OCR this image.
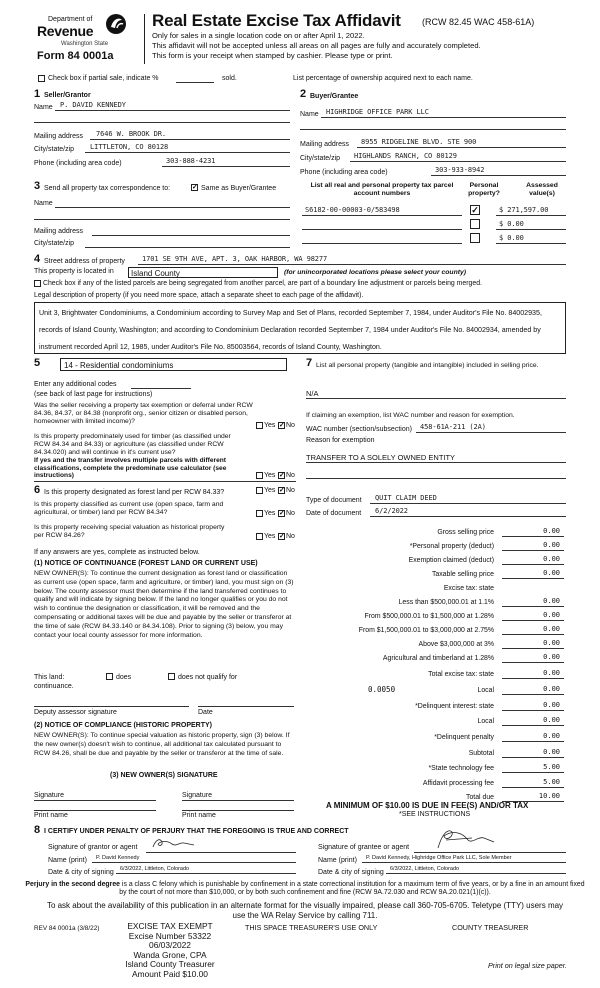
Department of
Revenue
Washington State
Form 84 0001a
Real Estate Excise Tax Affidavit (RCW 82.45 WAC 458-61A)
Only for sales in a single location code on or after April 1, 2022.
This affidavit will not be accepted unless all areas on all pages are fully and accurately completed.
This form is your receipt when stamped by cashier. Please type or print.
Check box if partial sale, indicate %	sold.	List percentage of ownership acquired next to each name.
1 Seller/Grantor
Name P. DAVID KENNEDY
Mailing address 7646 W. BROOK DR.
City/state/zip LITTLETON, CO 80128
Phone (including area code)	303-888-4231
2 Buyer/Grantee
Name HIGHRIDGE OFFICE PARK LLC
Mailing address 8955 RIDGELINE BLVD. STE 900
City/state/zip HIGHLANDS RANCH, CO 80129
Phone (including area code)	303-933-8942
3 Send all property tax correspondence to:	✓ Same as Buyer/Grantee
Name
Mailing address
City/state/zip
List all real and personal property tax parcel account numbers
Personal property?
Assessed value(s)
S6182-00-00003-0/583498	✓	$ 271,597.00
$ 0.00
$ 0.00
4 Street address of property 1701 SE 9TH AVE, APT. 3, OAK HARBOR, WA 98277
This property is located in	Island County	(for unincorporated locations please select your county)
Check box if any of the listed parcels are being segregated from another parcel, are part of a boundary line adjustment or parcels being merged.
Legal description of property (if you need more space, attach a separate sheet to each page of the affidavit).
Unit 3, Brightwater Condominiums, a Condominium according to Survey Map and Set of Plans, recorded September 7, 1984, under Auditor's File No. 84002935, records of Island County, Washington; and according to Condominium Declaration recorded September 7, 1984 under Auditor's File No. 84002934, amended by instrument recorded April 12, 1985, under Auditor's File No. 85003564, records of Island County, Washington.
5	14 - Residential condominiums
Enter any additional codes
(see back of last page for instructions)
Was the seller receiving a property tax exemption or deferral under RCW 84.36, 84.37, or 84.38 (nonprofit org., senior citizen or disabled person, homeowner with limited income)?
Yes ✓ No
Is this property predominately used for timber (as classified under RCW 84.34 and 84.33) or agriculture (as classified under RCW 84.34.020) and will continue in it's current use?
If yes and the transfer involves multiple parcels with different classifications, complete the predominate use calculator (see instructions)	Yes ✓ No
6 Is this property designated as forest land per RCW 84.33?	Yes ✓ No
Is this property classified as current use (open space, farm and agricultural, or timber) land per RCW 84.34?	Yes ✓ No
Is this property receiving special valuation as historical property per RCW 84.26?	Yes ✓ No
If any answers are yes, complete as instructed below.
(1) NOTICE OF CONTINUANCE (FOREST LAND OR CURRENT USE)
NEW OWNER(S): To continue the current designation as forest land or classification as current use (open space, farm and agriculture, or timber) land, you must sign on (3) below. The county assessor must then determine if the land transferred continues to qualify and will indicate by signing below. If the land no longer qualifies or you do not wish to continue the designation or classification, it will be removed and the compensating or additional taxes will be due and payable by the seller or transferor at the time of sale (RCW 84.33.140 or 84.34.108). Prior to signing (3) below, you may contact your local county assessor for more information.
This land:	does	does not qualify for
continuance.
Deputy assessor signature	Date
(2) NOTICE OF COMPLIANCE (HISTORIC PROPERTY)
NEW OWNER(S): To continue special valuation as historic property, sign (3) below. If the new owner(s) doesn't wish to continue, all additional tax calculated pursuant to RCW 84.26, shall be due and payable by the seller or transferor at the time of sale.
(3) NEW OWNER(S) SIGNATURE
Signature	Signature
Print name	Print name
7 List all personal property (tangible and intangible) included in selling price.
N/A
If claiming an exemption, list WAC number and reason for exemption.
WAC number (section/subsection) 458-61A-211 (2A)
Reason for exemption
TRANSFER TO A SOLELY OWNED ENTITY
Type of document QUIT CLAIM DEED
Date of document 6/2/2022
Gross selling price	0.00
*Personal property (deduct)	0.00
Exemption claimed (deduct)	0.00
Taxable selling price	0.00
Excise tax: state
Less than $500,000.01 at 1.1%	0.00
From $500,000.01 to $1,500,000 at 1.28%	0.00
From $1,500,000.01 to $3,000,000 at 2.75%	0.00
Above $3,000,000 at 3%	0.00
Agricultural and timberland at 1.28%	0.00
Total excise tax: state	0.00
0.0050	Local	0.00
*Delinquent interest: state	0.00
Local	0.00
*Delinquent penalty	0.00
Subtotal	0.00
*State technology fee	5.00
Affidavit processing fee	5.00
Total due	10.00
A MINIMUM OF $10.00 IS DUE IN FEE(S) AND/OR TAX
*SEE INSTRUCTIONS
8 I CERTIFY UNDER PENALTY OF PERJURY THAT THE FOREGOING IS TRUE AND CORRECT
Signature of grantor or agent
Name (print) P. David Kennedy
Date & city of signing 6/3/2022, Littleton, Colorado
Signature of grantee or agent
Name (print) P. David Kennedy, Highridge Office Park LLC, Sole Member
Date & city of signing 6/3/2022, Littleton, Colorado
Perjury in the second degree is a class C felony which is punishable by confinement in a state correctional institution for a maximum term of five years, or by a fine in an amount fixed by the court of not more than $10,000, or by both such confinement and fine (RCW 9A.72.030 and RCW 9A.20.021(1)(c)).
To ask about the availability of this publication in an alternate format for the visually impaired, please call 360-705-6705. Teletype (TTY) users may use the WA Relay Service by calling 711.
REV 84 0001a (3/8/22)	EXCISE TAX EXEMPT
Excise Number 53322
06/03/2022
Wanda Grone, CPA
Island County Treasurer
Amount Paid $10.00
THIS SPACE TREASURER'S USE ONLY	COUNTY TREASURER
Print on legal size paper.
